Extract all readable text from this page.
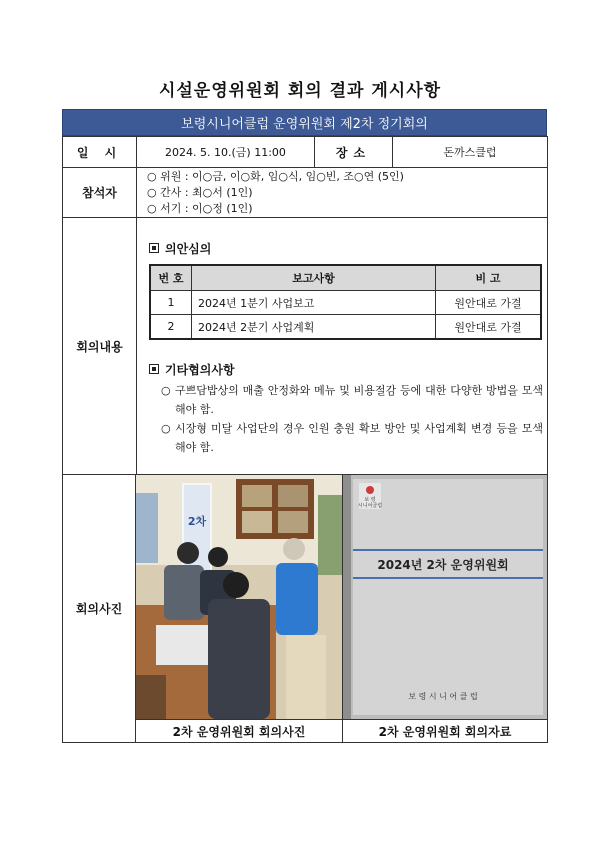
시설운영위원회 회의 결과 게시사항
보령시니어클럽 운영위원회 제2차 정기회의
일 시	2024. 5. 10.(금) 11:00	장소	돈까스클럽
참석자
○ 위원 : 이○금, 이○화, 임○식, 임○빈, 조○연 (5인)
○ 간사 : 최○서 (1인)
○ 서기 : 이○정 (1인)
회의내용
의안심의
번 호	보고사항	비 고
1	2024년 1분기 사업보고	원안대로 가결
2	2024년 2분기 사업계획	원안대로 가결
기타협의사항
○ 구쁘담밥상의 매출 안정화와 메뉴 및 비용절감 등에 대한 다양한 방법을 모색해야 함.
○ 시장형 미달 사업단의 경우 인원 충원 확보 방안 및 사업계획 변경 등을 모색해야 함.
회의사진
2차
보 령
시니어클럽
2024년 2차 운영위원회
보 령 시 니 어 클 럽
2차 운영위원회 회의사진	2차 운영위원회 회의자료
